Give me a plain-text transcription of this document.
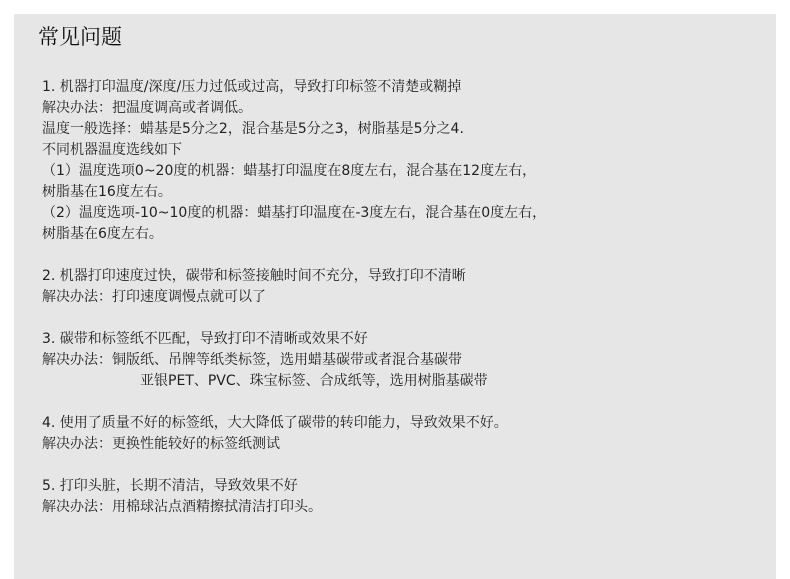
常见问题
1. 机器打印温度/深度/压力过低或过高，导致打印标签不清楚或糊掉
解决办法：把温度调高或者调低。
温度一般选择：蜡基是5分之2，混合基是5分之3，树脂基是5分之4.
不同机器温度选线如下
（1）温度选项0~20度的机器：蜡基打印温度在8度左右，混合基在12度左右，
树脂基在16度左右。
（2）温度选项-10~10度的机器：蜡基打印温度在-3度左右，混合基在0度左右，
树脂基在6度左右。
2. 机器打印速度过快，碳带和标签接触时间不充分，导致打印不清晰
解决办法：打印速度调慢点就可以了
3. 碳带和标签纸不匹配，导致打印不清晰或效果不好
解决办法：铜版纸、吊牌等纸类标签，选用蜡基碳带或者混合基碳带
亚银PET、PVC、珠宝标签、合成纸等，选用树脂基碳带
4. 使用了质量不好的标签纸，大大降低了碳带的转印能力，导致效果不好。
解决办法：更换性能较好的标签纸测试
5. 打印头脏，长期不清洁，导致效果不好
解决办法：用棉球沾点酒精擦拭清洁打印头。
